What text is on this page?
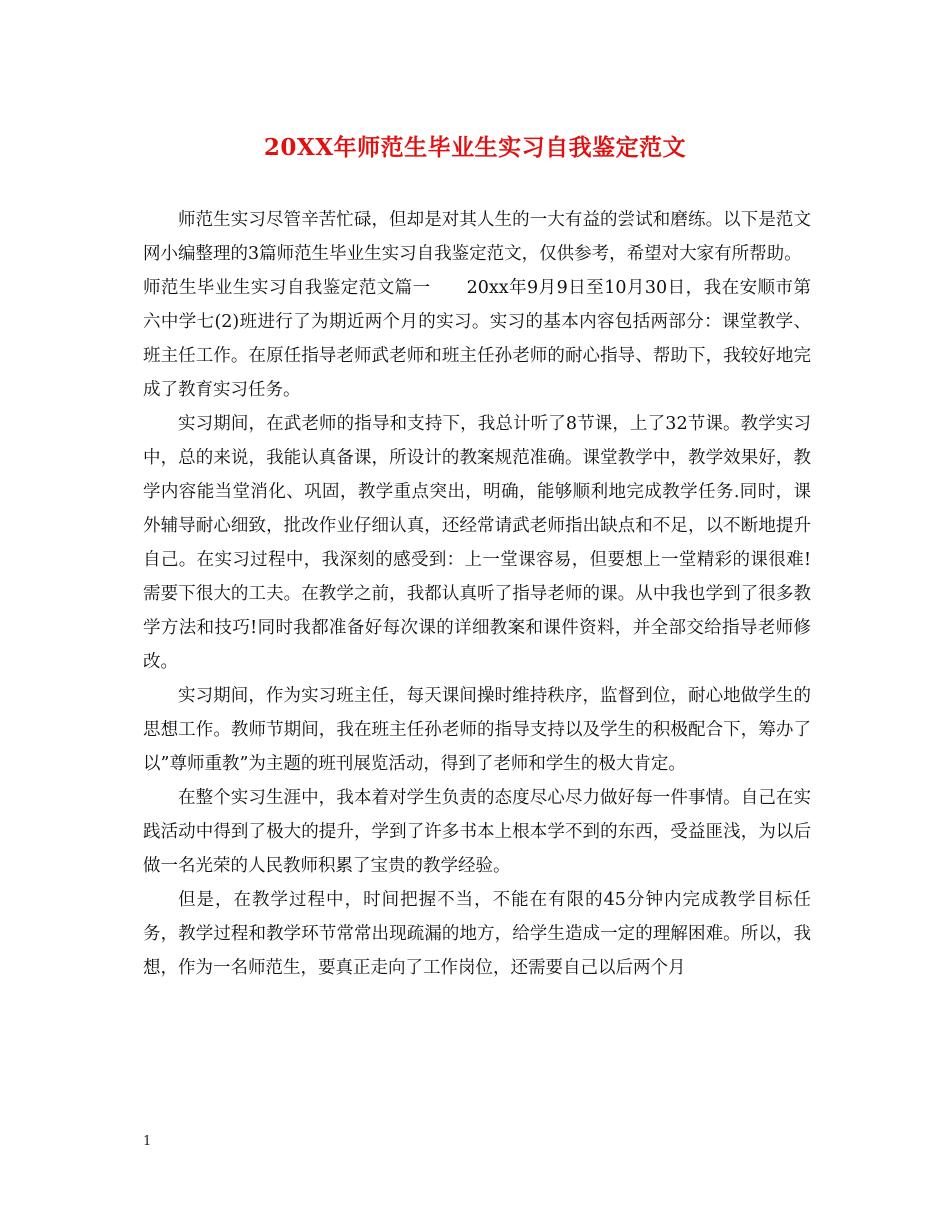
20XX年师范生毕业生实习自我鉴定范文

师范生实习尽管辛苦忙碌，但却是对其人生的一大有益的尝试和磨练。以下是范文网小编整理的3篇师范生毕业生实习自我鉴定范文，仅供参考，希望对大家有所帮助。

师范生毕业生实习自我鉴定范文篇一　　20xx年9月9日至10月30日，我在安顺市第六中学七(2)班进行了为期近两个月的实习。实习的基本内容包括两部分：课堂教学、班主任工作。在原任指导老师武老师和班主任孙老师的耐心指导、帮助下，我较好地完成了教育实习任务。

实习期间，在武老师的指导和支持下，我总计听了8节课，上了32节课。教学实习中，总的来说，我能认真备课，所设计的教案规范准确。课堂教学中，教学效果好，教学内容能当堂消化、巩固，教学重点突出，明确，能够顺利地完成教学任务.同时，课外辅导耐心细致，批改作业仔细认真，还经常请武老师指出缺点和不足，以不断地提升自己。在实习过程中，我深刻的感受到：上一堂课容易，但要想上一堂精彩的课很难!需要下很大的工夫。在教学之前，我都认真听了指导老师的课。从中我也学到了很多教学方法和技巧!同时我都准备好每次课的详细教案和课件资料，并全部交给指导老师修改。

实习期间，作为实习班主任，每天课间操时维持秩序，监督到位，耐心地做学生的思想工作。教师节期间，我在班主任孙老师的指导支持以及学生的积极配合下，筹办了以”尊师重教”为主题的班刊展览活动，得到了老师和学生的极大肯定。

在整个实习生涯中，我本着对学生负责的态度尽心尽力做好每一件事情。自己在实践活动中得到了极大的提升，学到了许多书本上根本学不到的东西，受益匪浅，为以后做一名光荣的人民教师积累了宝贵的教学经验。

但是，在教学过程中，时间把握不当，不能在有限的45分钟内完成教学目标任务，教学过程和教学环节常常出现疏漏的地方，给学生造成一定的理解困难。所以，我想，作为一名师范生，要真正走向了工作岗位，还需要自己以后两个月

1
